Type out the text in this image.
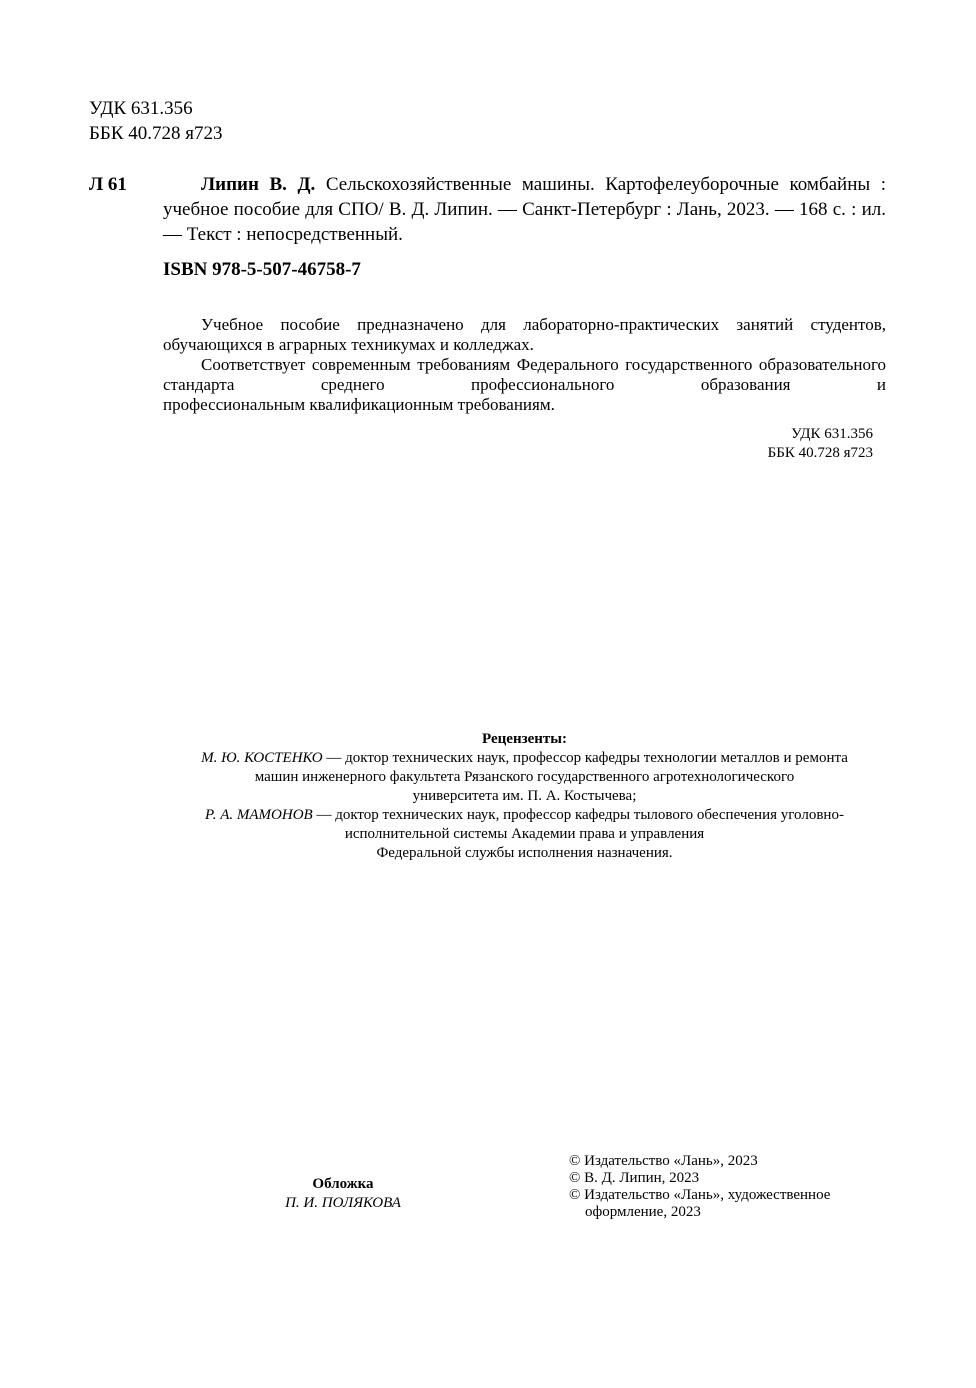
УДК 631.356
ББК 40.728 я723
Л 61	Липин В. Д. Сельскохозяйственные машины. Картофелеуборочные комбайны : учебное пособие для СПО/ В. Д. Липин. — Санкт-Петербург : Лань, 2023. — 168 с. : ил. — Текст : непосредственный.
ISBN 978-5-507-46758-7

Учебное пособие предназначено для лабораторно-практических занятий студентов, обучающихся в аграрных техникумах и колледжах.

Соответствует современным требованиям Федерального государственного образовательного стандарта среднего профессионального образования и

профессиональным квалификационным требованиям.
УДК 631.356
ББК 40.728 я723
Рецензенты:
М. Ю. КОСТЕНКО — доктор технических наук, профессор кафедры технологии металлов и ремонта
машин инженерного факультета Рязанского государственного агротехнологического
университета им. П. А. Костычева;
Р. А. МАМОНОВ — доктор технических наук, профессор кафедры тылового обеспечения уголовно-
исполнительной системы Академии права и управления
Федеральной службы исполнения назначения.
Обложка
П. И. ПОЛЯКОВА
© Издательство «Лань», 2023
© В. Д. Липин, 2023
© Издательство «Лань», художественное
оформление, 2023
